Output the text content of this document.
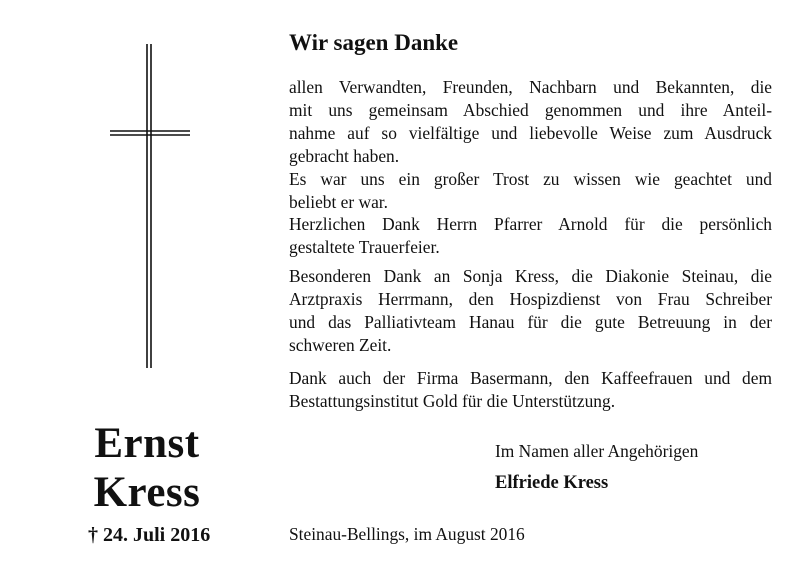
Ernst
Kress
† 24. Juli 2016
Wir sagen Danke
allen Verwandten, Freunden, Nachbarn und Bekannten, die
mit uns gemeinsam Abschied genommen und ihre Anteil-
nahme auf so vielfältige und liebevolle Weise zum Ausdruck
gebracht haben.
Es war uns ein großer Trost zu wissen wie geachtet und
beliebt er war.
Herzlichen Dank Herrn Pfarrer Arnold für die persönlich
gestaltete Trauerfeier.
Besonderen Dank an Sonja Kress, die Diakonie Steinau, die
Arztpraxis Herrmann, den Hospizdienst von Frau Schreiber
und das Palliativteam Hanau für die gute Betreuung in der
schweren Zeit.
Dank auch der Firma Basermann, den Kaffeefrauen und dem
Bestattungsinstitut Gold für die Unterstützung.
Im Namen aller Angehörigen
Elfriede Kress
Steinau-Bellings, im August 2016
